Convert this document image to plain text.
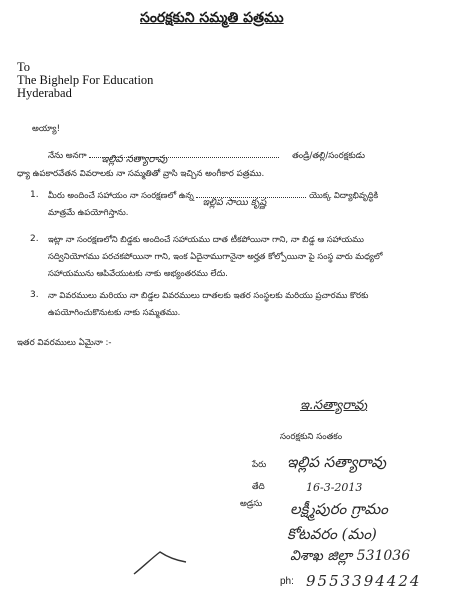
సంరక్షకుని సమ్మతి పత్రము
To
The Bighelp For Education
Hyderabad
అయ్యా!
నేను అనగా ఇల్లిప సత్యారావు	తండ్రి/తల్లి/సంరక్షకుడు
ధ్యా ఉపకారవేతన వివరాలకు నా సమ్మతితో వ్రాసి ఇచ్చిన అంగీకార పత్రము.
1. మీరు అందించే సహాయం నా సంరక్షణలో ఉన్న
ఇల్లిప సాయి కృష్ణ
యొక్క విద్యాభివృద్ధికి
మాత్రమే ఉపయోగిస్తాను.
2. ఇట్లా నా సంరక్షణలోని బిడ్డకు అందించే సహాయము దాత టీకపోయినా గాని, నా బిడ్డ ఆ సహాయము
సద్వినియోగము పరచకపోయినా గాని, ఇంక ఏదైనాముగానైనా అర్హత కోల్పోయినా పై సంస్థ వారు మధ్యలో
సహాయమును ఆపివేయుటకు నాకు అభ్యంతరము లేదు.
3. నా వివరములు మరియు నా బిడ్డల వివరములు దాతలకు ఇతర సంస్థలకు మరియు ప్రచారము కొరకు
ఉపయోగించుకొనుటకు నాకు సమ్మతము.
ఇతర వివరములు ఏమైనా :-
ఇ.సత్యారావు
సంరక్షకుని సంతకం
పేరు ఇల్లిప సత్యారావు
తేది	16-3-2013
అడ్రసు లక్ష్మీపురం గ్రామం
కోటవరం (మం)
విశాఖ జిల్లా 531036
ph: 9553394424
